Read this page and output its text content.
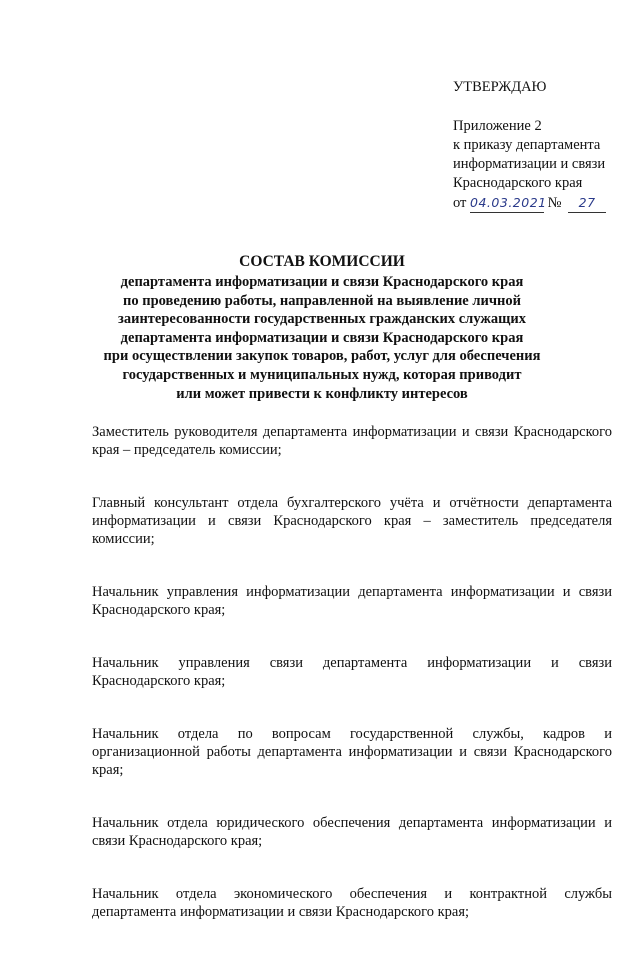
УТВЕРЖДАЮ
Приложение 2
к приказу департамента
информатизации и связи
Краснодарского края
от 04.03.2021 № 27
СОСТАВ КОМИССИИ
департамента информатизации и связи Краснодарского края
по проведению работы, направленной на выявление личной
заинтересованности государственных гражданских служащих
департамента информатизации и связи Краснодарского края
при осуществлении закупок товаров, работ, услуг для обеспечения
государственных и муниципальных нужд, которая приводит
или может привести к конфликту интересов

Заместитель руководителя департамента информатизации и связи Краснодарского края – председатель комиссии;

Главный консультант отдела бухгалтерского учёта и отчётности департамента информатизации и связи Краснодарского края – заместитель председателя комиссии;

Начальник управления информатизации департамента информатизации и связи Краснодарского края;

Начальник управления связи департамента информатизации и связи Краснодарского края;

Начальник отдела по вопросам государственной службы, кадров и организационной работы департамента информатизации и связи Краснодарского края;

Начальник отдела юридического обеспечения департамента информатизации и связи Краснодарского края;

Начальник отдела экономического обеспечения и контрактной службы департамента информатизации и связи Краснодарского края;
